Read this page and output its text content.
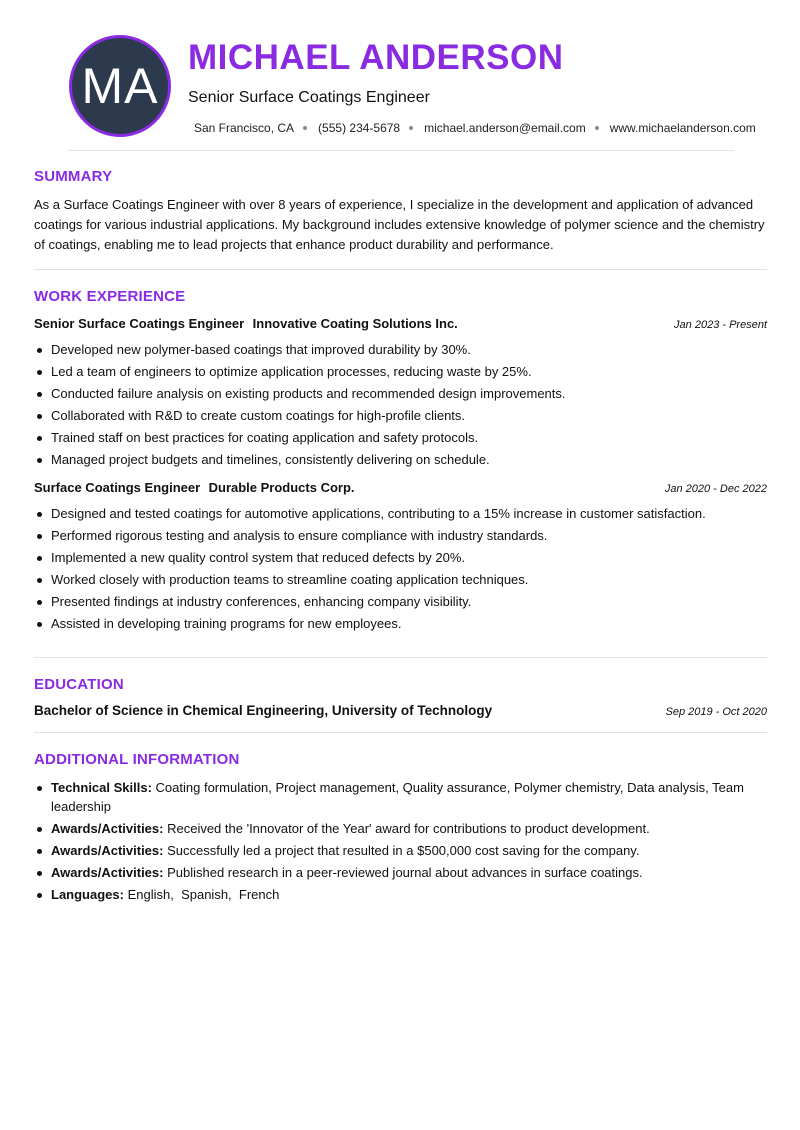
MA
MICHAEL ANDERSON
Senior Surface Coatings Engineer
San Francisco, CA (555) 234-5678 michael.anderson@email.com www.michaelanderson.com
SUMMARY

As a Surface Coatings Engineer with over 8 years of experience, I specialize in the development and application of advanced coatings for various industrial applications. My background includes extensive knowledge of polymer science and the chemistry of coatings, enabling me to lead projects that enhance product durability and performance.

WORK EXPERIENCE
Senior Surface Coatings Engineer Innovative Coating Solutions Inc.	Jan 2023 - Present
Developed new polymer-based coatings that improved durability by 30%.
Led a team of engineers to optimize application processes, reducing waste by 25%.
Conducted failure analysis on existing products and recommended design improvements.
Collaborated with R&D to create custom coatings for high-profile clients.
Trained staff on best practices for coating application and safety protocols.
Managed project budgets and timelines, consistently delivering on schedule.
Surface Coatings Engineer Durable Products Corp.	Jan 2020 - Dec 2022
Designed and tested coatings for automotive applications, contributing to a 15% increase in customer satisfaction.
Performed rigorous testing and analysis to ensure compliance with industry standards.
Implemented a new quality control system that reduced defects by 20%.
Worked closely with production teams to streamline coating application techniques.
Presented findings at industry conferences, enhancing company visibility.
Assisted in developing training programs for new employees.
EDUCATION
Bachelor of Science in Chemical Engineering, University of Technology	Sep 2019 - Oct 2020
ADDITIONAL INFORMATION
Technical Skills: Coating formulation, Project management, Quality assurance, Polymer chemistry, Data analysis, Team leadership
Awards/Activities: Received the 'Innovator of the Year' award for contributions to product development.
Awards/Activities: Successfully led a project that resulted in a $500,000 cost saving for the company.
Awards/Activities: Published research in a peer-reviewed journal about advances in surface coatings.
Languages: English,  Spanish,  French
